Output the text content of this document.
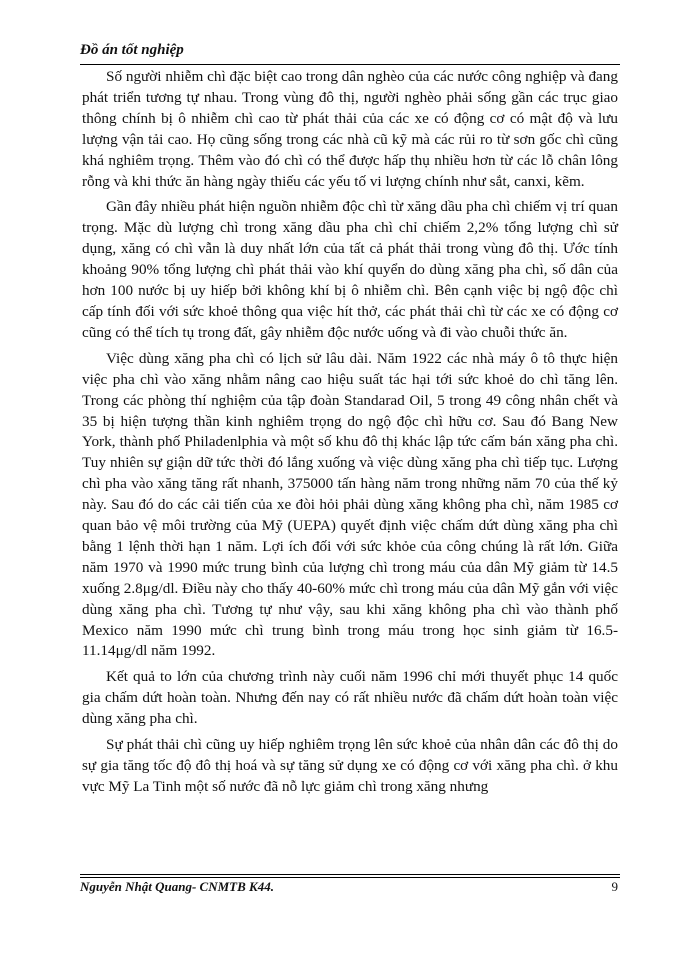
Đồ án tốt nghiệp

Số người nhiễm chì đặc biệt cao trong dân nghèo của các nước công nghiệp và đang phát triển tương tự nhau. Trong vùng đô thị, người nghèo phải sống gần các trục giao thông chính bị ô nhiễm chì cao từ phát thải của các xe có động cơ có mật độ và lưu lượng vận tải cao. Họ cũng sống trong các nhà cũ kỹ mà các rủi ro từ sơn gốc chì cũng khá nghiêm trọng. Thêm vào đó chì có thể được hấp thụ nhiều hơn từ các lỗ chân lông rỗng và khi thức ăn hàng ngày thiếu các yếu tố vi lượng chính như sắt, canxi, kẽm.

Gần đây nhiều phát hiện nguồn nhiễm độc chì từ xăng dầu pha chì chiếm vị trí quan trọng. Mặc dù lượng chì trong xăng dầu pha chì chỉ chiếm 2,2% tổng lượng chì sử dụng, xăng có chì vẫn là duy nhất lớn của tất cả phát thải trong vùng đô thị. Ước tính khoảng 90% tổng lượng chì phát thải vào khí quyển do dùng xăng pha chì, số dân của hơn 100 nước bị uy hiếp bởi không khí bị ô nhiễm chì. Bên cạnh việc bị ngộ độc chì cấp tính đối với sức khoẻ thông qua việc hít thở, các phát thải chì từ các xe có động cơ cũng có thể tích tụ trong đất, gây nhiễm độc nước uống và đi vào chuỗi thức ăn.

Việc dùng xăng pha chì có lịch sử lâu dài. Năm 1922 các nhà máy ô tô thực hiện việc pha chì vào xăng nhằm nâng cao hiệu suất tác hại tới sức khoẻ do chì tăng lên. Trong các phòng thí nghiệm của tập đoàn Standarad Oil, 5 trong 49 công nhân chết và 35 bị hiện tượng thần kinh nghiêm trọng do ngộ độc chì hữu cơ. Sau đó Bang New York, thành phố Philadenlphia và một số khu đô thị khác lập tức cấm bán xăng pha chì. Tuy nhiên sự giận dữ tức thời đó lắng xuống và việc dùng xăng pha chì tiếp tục. Lượng chì pha vào xăng tăng rất nhanh, 375000 tấn hàng năm trong những năm 70 của thế kỷ này. Sau đó do các cải tiến của xe đòi hỏi phải dùng xăng không pha chì, năm 1985 cơ quan bảo vệ môi trường của Mỹ (UEPA) quyết định việc chấm dứt dùng xăng pha chì bằng 1 lệnh thời hạn 1 năm. Lợi ích đối với sức khỏe của công chúng là rất lớn. Giữa năm 1970 và 1990 mức trung bình của lượng chì trong máu của dân Mỹ giảm từ 14.5 xuống 2.8μg/dl. Điều này cho thấy 40-60% mức chì trong máu của dân Mỹ gắn với việc dùng xăng pha chì. Tương tự như vậy, sau khi xăng không pha chì vào thành phố Mexico năm 1990 mức chì trung bình trong máu trong học sinh giảm từ 16.5-11.14μg/dl năm 1992.

Kết quả to lớn của chương trình này cuối năm 1996 chỉ mới thuyết phục 14 quốc gia chấm dứt hoàn toàn. Nhưng đến nay có rất nhiều nước đã chấm dứt hoàn toàn việc dùng xăng pha chì.

Sự phát thải chì cũng uy hiếp nghiêm trọng lên sức khoẻ của nhân dân các đô thị do sự gia tăng tốc độ đô thị hoá và sự tăng sử dụng xe có động cơ với xăng pha chì. ở khu vực Mỹ La Tinh một số nước đã nỗ lực giảm chì trong xăng nhưng

Nguyễn Nhật Quang- CNMTB K44.	9
